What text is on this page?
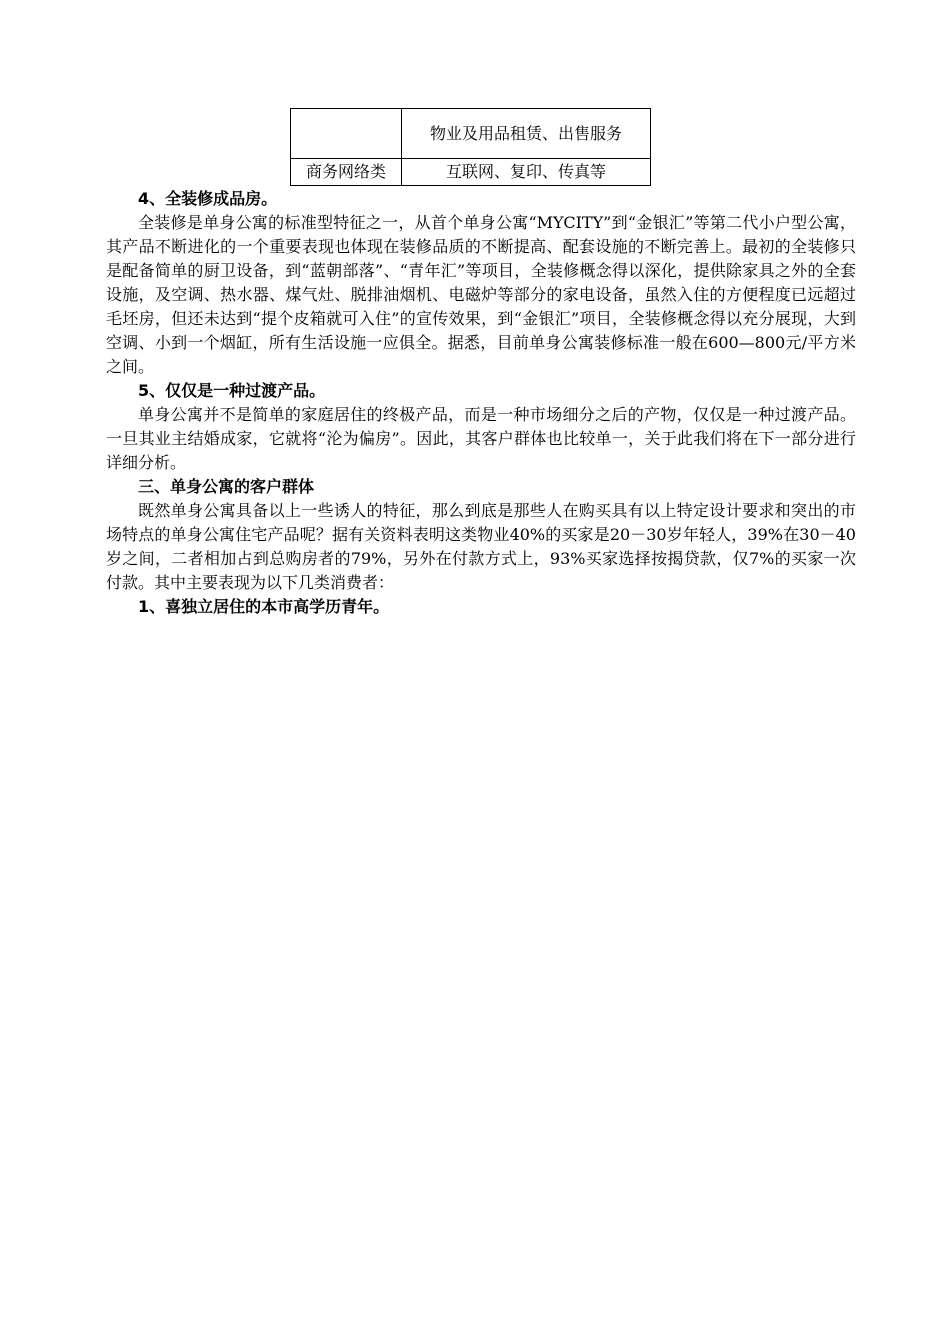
	物业及用品租赁、出售服务
商务网络类	互联网、复印、传真等

4、全装修成品房。

全装修是单身公寓的标准型特征之一，从首个单身公寓“MYCITY”到“金银汇”等第二代小户型公寓，其产品不断进化的一个重要表现也体现在装修品质的不断提高、配套设施的不断完善上。最初的全装修只是配备简单的厨卫设备，到“蓝朝部落”、“青年汇”等项目，全装修概念得以深化，提供除家具之外的全套设施，及空调、热水器、煤气灶、脱排油烟机、电磁炉等部分的家电设备，虽然入住的方便程度已远超过毛坯房，但还未达到“提个皮箱就可入住”的宣传效果，到“金银汇”项目，全装修概念得以充分展现，大到空调、小到一个烟缸，所有生活设施一应俱全。据悉，目前单身公寓装修标准一般在600—800元/平方米之间。

5、仅仅是一种过渡产品。

单身公寓并不是简单的家庭居住的终极产品，而是一种市场细分之后的产物，仅仅是一种过渡产品。一旦其业主结婚成家，它就将“沦为偏房”。因此，其客户群体也比较单一，关于此我们将在下一部分进行详细分析。

三、单身公寓的客户群体

既然单身公寓具备以上一些诱人的特征，那么到底是那些人在购买具有以上特定设计要求和突出的市场特点的单身公寓住宅产品呢？据有关资料表明这类物业40%的买家是20－30岁年轻人，39%在30－40岁之间，二者相加占到总购房者的79%，另外在付款方式上，93%买家选择按揭贷款，仅7%的买家一次付款。其中主要表现为以下几类消费者：

1、喜独立居住的本市高学历青年。
